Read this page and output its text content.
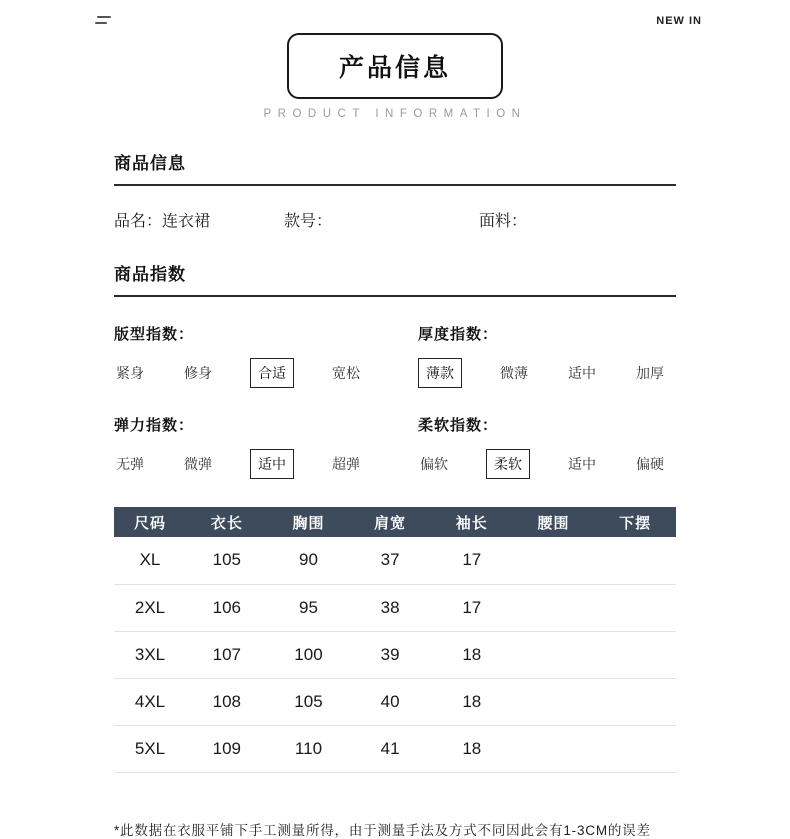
NEW IN
产品信息
PRODUCT INFORMATION
商品信息
品名：连衣裙	款号：	面料：
商品指数
版型指数：
紧身	修身	合适	宽松
厚度指数：
薄款	微薄	适中	加厚
弹力指数：
无弹	微弹	适中	超弹
柔软指数：
偏软	柔软	适中	偏硬
尺码	衣长	胸围	肩宽	袖长	腰围	下摆
XL	105	90	37	17		
2XL	106	95	38	17		
3XL	107	100	39	18		
4XL	108	105	40	18		
5XL	109	110	41	18		
*此数据在衣服平铺下手工测量所得，由于测量手法及方式不同因此会有1-3CM的误差
